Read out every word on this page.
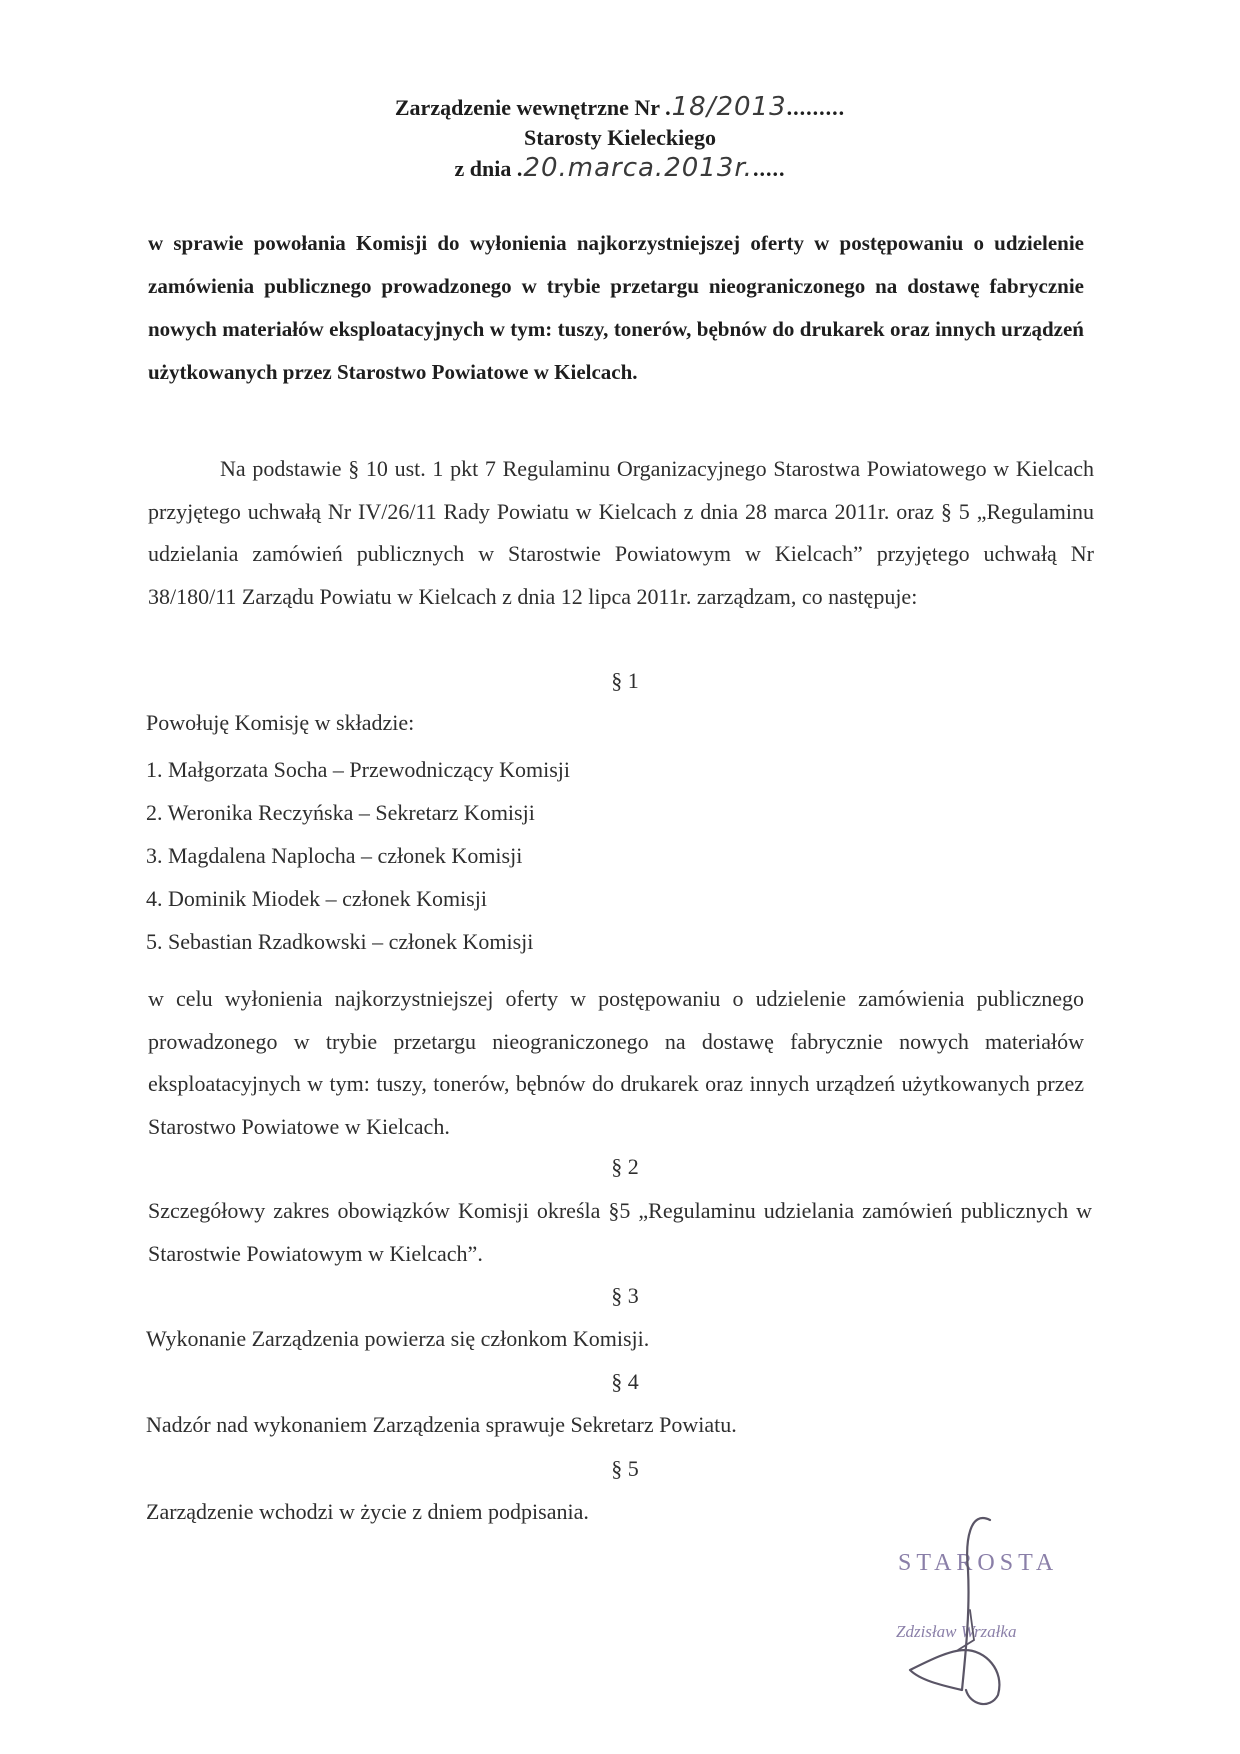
Zarządzenie wewnętrzne Nr .18/2013.........
Starosty Kieleckiego
z dnia .20.marca.2013r......
w sprawie powołania Komisji do wyłonienia najkorzystniejszej oferty w postępowaniu o udzielenie zamówienia publicznego prowadzonego w trybie przetargu nieograniczonego na dostawę fabrycznie nowych materiałów eksploatacyjnych w tym: tuszy, tonerów, bębnów do drukarek oraz innych urządzeń użytkowanych przez Starostwo Powiatowe w Kielcach.
Na podstawie § 10 ust. 1 pkt 7 Regulaminu Organizacyjnego Starostwa Powiatowego w Kielcach przyjętego uchwałą Nr IV/26/11 Rady Powiatu w Kielcach z dnia 28 marca 2011r. oraz § 5 „Regulaminu udzielania zamówień publicznych w Starostwie Powiatowym w Kielcach” przyjętego uchwałą Nr 38/180/11 Zarządu Powiatu w Kielcach z dnia 12 lipca 2011r. zarządzam, co następuje:
§ 1
Powołuję Komisję w składzie:
1. Małgorzata Socha – Przewodniczący Komisji
2. Weronika Reczyńska – Sekretarz Komisji
3. Magdalena Naplocha – członek Komisji
4. Dominik Miodek – członek Komisji
5. Sebastian Rzadkowski – członek Komisji
w celu wyłonienia najkorzystniejszej oferty w postępowaniu o udzielenie zamówienia publicznego prowadzonego w trybie przetargu nieograniczonego na dostawę fabrycznie nowych materiałów eksploatacyjnych w tym: tuszy, tonerów, bębnów do drukarek oraz innych urządzeń użytkowanych przez Starostwo Powiatowe w Kielcach.
§ 2
Szczegółowy zakres obowiązków Komisji określa §5 „Regulaminu udzielania zamówień publicznych w Starostwie Powiatowym w Kielcach”.
§ 3
Wykonanie Zarządzenia powierza się członkom Komisji.
§ 4
Nadzór nad wykonaniem Zarządzenia sprawuje Sekretarz Powiatu.
§ 5
Zarządzenie wchodzi w życie z dniem podpisania.
STAROSTA
Zdzisław Wrzałka
